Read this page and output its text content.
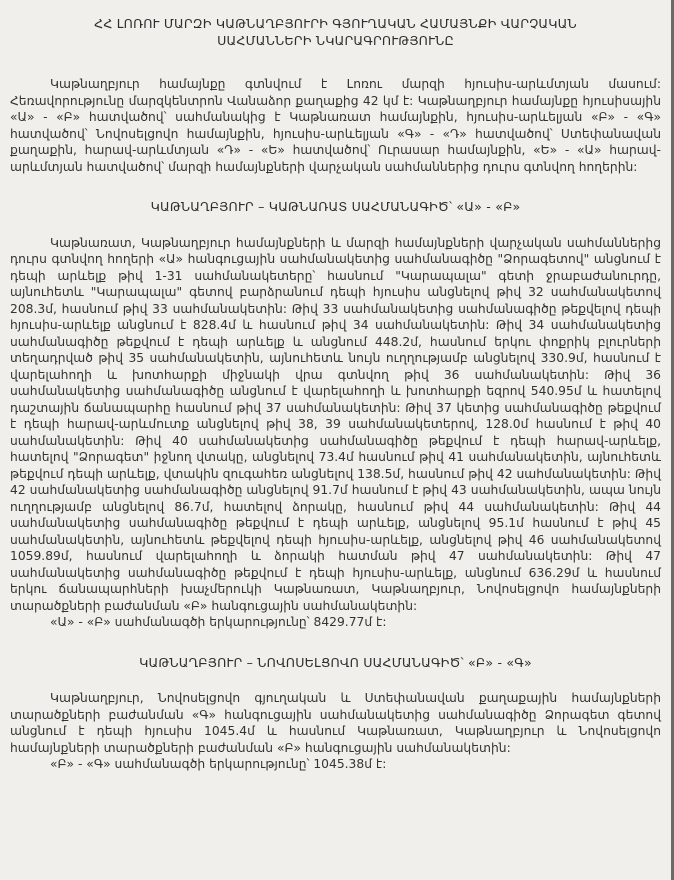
ՀՀ ԼՈՌՈՒ ՄԱՐԶԻ ԿԱԹՆԱՂԲՅՈՒՐԻ ԳՅՈՒՂԱԿԱՆ ՀԱՄԱՅՆՔԻ ՎԱՐՉԱԿԱՆ
ՍԱՀՄԱՆՆԵՐԻ ՆԿԱՐԱԳՐՈՒԹՅՈՒՆԸ

Կաթնաղբյուր համայնքը գտնվում է Լոռու մարզի հյուսիս-արևմտյան մասում: Հեռավորությունը մարզկենտրոն Վանաձոր քաղաքից 42 կմ է: Կաթնաղբյուր համայնքը հյուսիսային «Ա» - «Բ» հատվածով՝ սահմանակից է Կաթնառատ համայնքին, հյուսիս-արևելյան «Բ» - «Գ» հատվածով՝ Նովոսելցովո համայնքին, հյուսիս-արևելյան «Գ» - «Դ» հատվածով՝ Ստեփանավան քաղաքին, հարավ-արևմտյան «Դ» - «Ե» հատվածով՝ Ուրասար համայնքին, «Ե» - «Ա» հարավ-արևմտյան հատվածով՝ մարզի համայնքների վարչական սահմաններից դուրս գտնվող հողերին:

ԿԱԹՆԱՂԲՅՈՒՐ – ԿԱԹՆԱՌԱՏ ՍԱՀՄԱՆԱԳԻԾ՝ «Ա» - «Բ»

Կաթնառատ, Կաթնաղբյուր համայնքների և մարզի համայնքների վարչական սահմաններից դուրս գտնվող հողերի «Ա» հանգուցային սահմանակետից սահմանագիծը "Ձորագետով" անցնում է դեպի արևելք թիվ 1-31 սահմանակետերը՝ հասնում "Կարապալա" գետի ջրաբաժանուրդը, այնուհետև "Կարապալա" գետով բարձրանում դեպի հյուսիս անցնելով թիվ 32 սահմանակետով 208.3մ, հասնում թիվ 33 սահմանակետին: Թիվ 33 սահմանակետից սահմանագիծը թեքվելով դեպի հյուսիս-արևելք անցնում է 828.4մ և հասնում թիվ 34 սահմանակետին: Թիվ 34 սահմանակետից սահմանագիծը թեքվում է դեպի արևելք և անցնում 448.2մ, հասնում երկու փոքրիկ բլուրների տեղադրված թիվ 35 սահմանակետին, այնուհետև նույն ուղղությամբ անցնելով 330.9մ, հասնում է վարելահողի և խոտհարքի միջնակի վրա գտնվող թիվ 36 սահմանակետին: Թիվ 36 սահմանակետից սահմանագիծը անցնում է վարելահողի և խոտհարքի եզրով 540.95մ և հատելով դաշտային ճանապարհը հասնում թիվ 37 սահմանակետին: Թիվ 37 կետից սահմանագիծը թեքվում է դեպի հարավ-արևմուտք անցնելով թիվ 38, 39 սահմանակետերով, 128.0մ հասնում է թիվ 40 սահմանակետին: Թիվ 40 սահմանակետից սահմանագիծը թեքվում է դեպի հարավ-արևելք, հատելով "Ձորագետ" իջնող վտակը, անցնելով 73.4մ հասնում թիվ 41 սահմանակետին, այնուհետև թեքվում դեպի արևելք, վտակին զուգահեռ անցնելով 138.5մ, հասնում թիվ 42 սահմանակետին: Թիվ 42 սահմանակետից սահմանագիծը անցնելով 91.7մ հասնում է թիվ 43 սահմանակետին, ապա նույն ուղղությամբ անցնելով 86.7մ, հատելով ձորակը, հասնում թիվ 44 սահմանակետին: Թիվ 44 սահմանակետից սահմանագիծը թեքվում է դեպի արևելք, անցնելով 95.1մ հասնում է թիվ 45 սահմանակետին, այնուհետև թեքվելով դեպի հյուսիս-արևելք, անցնելով թիվ 46 սահմանակետով 1059.89մ, հասնում վարելահողի և ձորակի հատման թիվ 47 սահմանակետին: Թիվ 47 սահմանակետից սահմանագիծը թեքվում է դեպի հյուսիս-արևելք, անցնում 636.29մ և հասնում երկու ճանապարհների խաչմերուկի Կաթնառատ, Կաթնաղբյուր, Նովոսելցովո համայնքների տարածքների բաժանման «Բ» հանգուցային սահմանակետին:

«Ա» - «Բ» սահմանագծի երկարությունը՝ 8429.77մ է:

ԿԱԹՆԱՂԲՅՈՒՐ – ՆՈՎՈՍԵԼՑՈՎՈ ՍԱՀՄԱՆԱԳԻԾ՝ «Բ» - «Գ»

Կաթնաղբյուր, Նովոսելցովո գյուղական և Ստեփանավան քաղաքային համայնքների տարածքների բաժանման «Գ» հանգուցային սահմանակետից սահմանագիծը Ձորագետ գետով անցնում է դեպի հյուսիս 1045.4մ և հասնում Կաթնառատ, Կաթնաղբյուր և Նովոսելցովո համայնքների տարածքների բաժանման «Բ» հանգուցային սահմանակետին:

«Բ» - «Գ» սահմանագծի երկարությունը՝ 1045.38մ է:
